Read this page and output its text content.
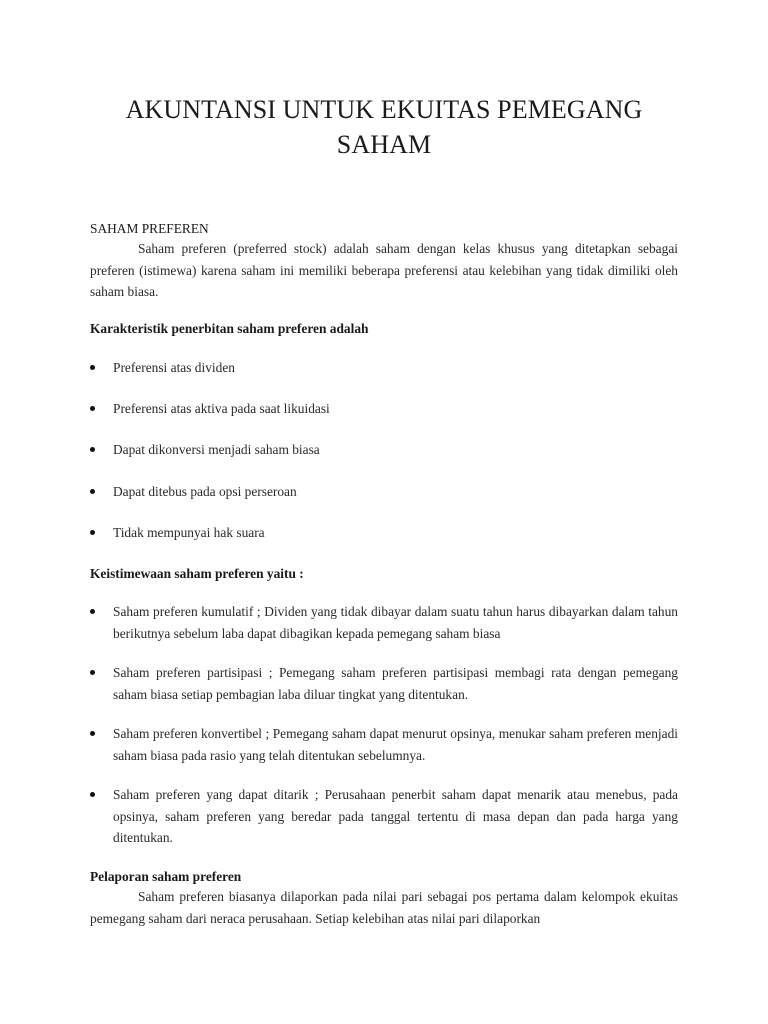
AKUNTANSI UNTUK EKUITAS PEMEGANG SAHAM
SAHAM PREFEREN

Saham preferen (preferred stock) adalah saham dengan kelas khusus yang ditetapkan sebagai preferen (istimewa) karena saham ini memiliki beberapa preferensi atau kelebihan yang tidak dimiliki oleh saham biasa.

Karakteristik penerbitan saham preferen adalah
Preferensi atas dividen
Preferensi atas aktiva pada saat likuidasi
Dapat dikonversi menjadi saham biasa
Dapat ditebus pada opsi perseroan
Tidak mempunyai hak suara
Keistimewaan saham preferen yaitu :
Saham preferen kumulatif ; Dividen yang tidak dibayar dalam suatu tahun harus dibayarkan dalam tahun berikutnya sebelum laba dapat dibagikan kepada pemegang saham biasa
Saham preferen partisipasi ; Pemegang saham preferen partisipasi membagi rata dengan pemegang saham biasa setiap pembagian laba diluar tingkat yang ditentukan.
Saham preferen konvertibel ; Pemegang saham dapat menurut opsinya, menukar saham preferen menjadi saham biasa pada rasio yang telah ditentukan sebelumnya.
Saham preferen yang dapat ditarik ; Perusahaan penerbit saham dapat menarik atau menebus, pada opsinya, saham preferen yang beredar pada tanggal tertentu di masa depan dan pada harga yang ditentukan.
Pelaporan saham preferen

Saham preferen biasanya dilaporkan pada nilai pari sebagai pos pertama dalam kelompok ekuitas pemegang saham dari neraca perusahaan. Setiap kelebihan atas nilai pari dilaporkan
